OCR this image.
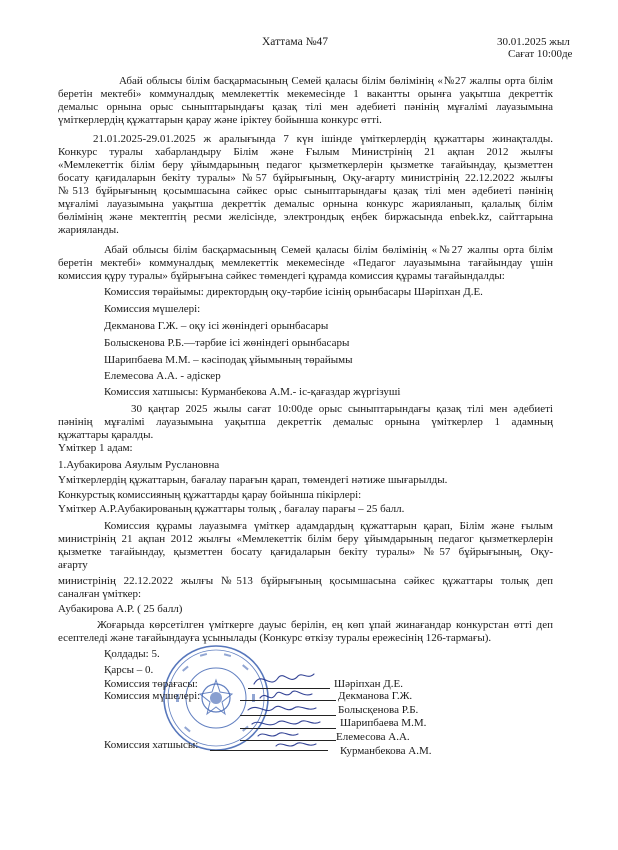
Хаттама №47	30.01.2025 жыл
Сағат 10:00де
Абай облысы білім басқармасының Семей қаласы білім бөлімінің «№27 жалпы орта білім
беретін мектебі» коммуналдық мемлекеттік мекемесінде 1 вакантты орынға уақытша декреттік
демалыс орнына орыс сыныптарындағы қазақ тілі мен әдебиеті пәнінің мұғалімі лауазымына
үміткерлердің құжаттарын қарау және іріктеу бойынша конкурс өтті.
21.01.2025-29.01.2025 ж аралығында 7 күн ішінде үміткерлердің құжаттары жинақталды.
Конкурс туралы хабарландыру Білім және Ғылым Министрінің 21 ақпан 2012 жылғы
«Мемлекеттік білім беру ұйымдарының педагог қызметкерлерін қызметке тағайындау, қызметтен
босату қағидаларын бекіту туралы» №57 бұйрығының, Оқу-ағарту министрінің 22.12.2022 жылғы
№513 бұйрығының қосымшасына сәйкес орыс сыныптарындағы қазақ тілі мен әдебиеті пәнінің
мұғалімі лауазымына уақытша декреттік демалыс орнына конкурс жарияланып, қалалық білім
бөлімінің және мектептің ресми желісінде, электрондық еңбек биржасында enbek.kz, сайттарына
жарияланды.
Абай облысы білім басқармасының Семей қаласы білім бөлімінің «№27 жалпы орта білім
беретін мектебі» коммуналдық мемлекеттік мекемесінде «Педагог лауазымына тағайындау үшін
комиссия құру туралы» бұйрығына сәйкес төмендегі құрамда комиссия құрамы тағайындалды:
Комиссия төрайымы: директордың оқу-тәрбие ісінің орынбасары Шәріпхан Д.Е.
Комиссия мүшелері:
Декманова Г.Ж. – оқу ісі жөніндегі орынбасары
Болыскенова Р.Б.—тәрбие ісі жөніндегі орынбасары
Шарипбаева М.М. – кәсіподақ ұйымының төрайымы
Елемесова А.А. - әдіскер
Комиссия хатшысы: Курманбекова А.М.- іс-қағаздар жүргізуші
30 қаңтар 2025 жылы сағат 10:00де орыс сыныптарындағы қазақ тілі мен әдебиеті
пәнінің мұғалімі лауазымына уақытша декреттік демалыс орнына үміткерлер 1 адамның
құжаттары қаралды.
Үміткер 1 адам:
1.Аубакирова Аяулым Руслановна
Үміткерлердің құжаттарын, бағалау парағын қарап, төмендегі нәтиже шығарылды.
Конкурстық комиссияның құжаттарды қарау бойынша пікірлері:
Үміткер А.Р.Аубакированың құжаттары толық , бағалау парағы – 25 балл.
Комиссия құрамы лауазымға үміткер адамдардың құжаттарын қарап, Білім және ғылым
министрінің 21 ақпан 2012 жылғы «Мемлекеттік білім беру ұйымдарының педагог қызметкерлерін
қызметке тағайындау, қызметтен босату қағидаларын бекіту туралы» №57 бұйрығының, Оқу-
ағарту
министрінің 22.12.2022 жылғы №513 бұйрығының қосымшасына сәйкес құжаттары толық деп
саналған үміткер:
Аубакирова А.Р. ( 25 балл)
Жоғарыда көрсетілген үміткерге дауыс берілін, ең көп ұпай жинағандар конкурстан өтті деп
есептеледі және тағайындауға ұсынылады (Конкурс өткізу туралы ережесінің 126-тармағы).
Қолдады: 5.
Қарсы – 0.
Комиссия төрағасы:
Комиссия мүшелері:
Комиссия хатшысы:
Шәріпхан Д.Е.
Декманова Г.Ж.
Болысқенова Р.Б.
Шарипбаева М.М.
Елемесова А.А.
Курманбекова А.М.
